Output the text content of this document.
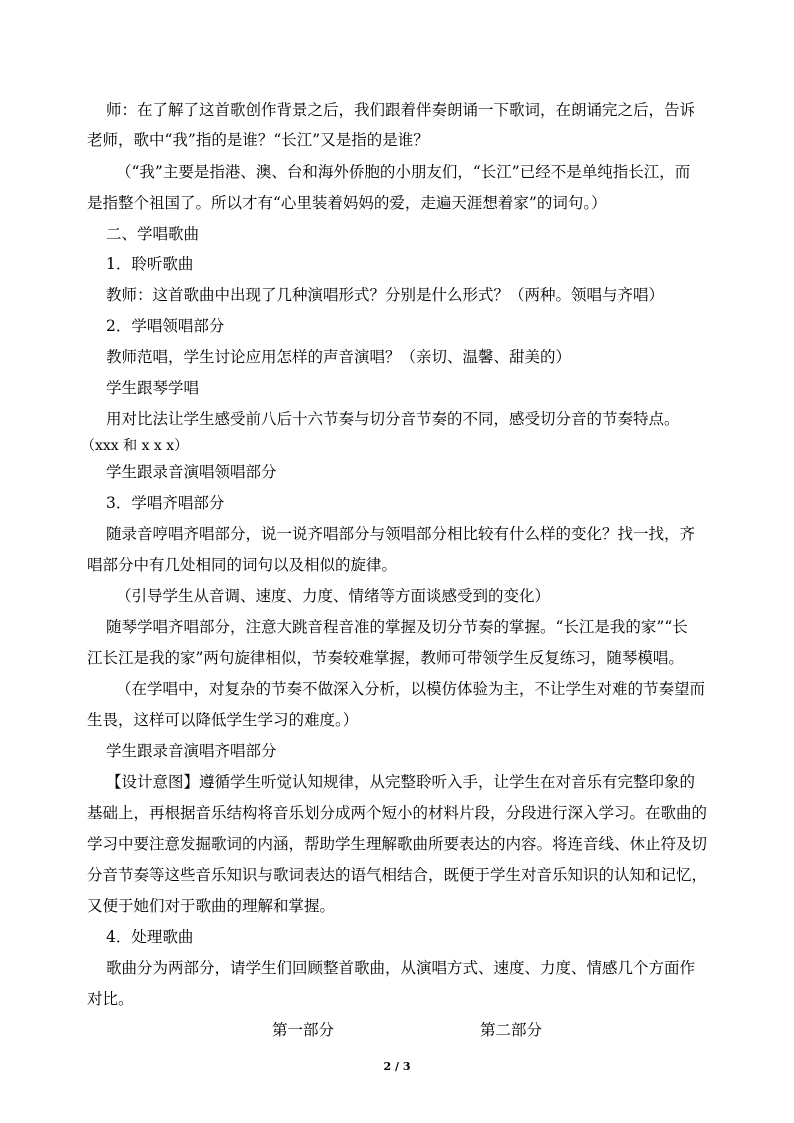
师：在了解了这首歌创作背景之后，我们跟着伴奏朗诵一下歌词，在朗诵完之后，告诉
老师，歌中“我”指的是谁？“长江”又是指的是谁？
（“我”主要是指港、澳、台和海外侨胞的小朋友们，“长江”已经不是单纯指长江，而
是指整个祖国了。所以才有“心里装着妈妈的爱，走遍天涯想着家”的词句。）
二、学唱歌曲
1．聆听歌曲
教师：这首歌曲中出现了几种演唱形式？分别是什么形式？（两种。领唱与齐唱）
2．学唱领唱部分
教师范唱，学生讨论应用怎样的声音演唱？（亲切、温馨、甜美的）
学生跟琴学唱
用对比法让学生感受前八后十六节奏与切分音节奏的不同，感受切分音的节奏特点。
（xxx 和 x x x）
学生跟录音演唱领唱部分
3．学唱齐唱部分
随录音哼唱齐唱部分，说一说齐唱部分与领唱部分相比较有什么样的变化？找一找，齐
唱部分中有几处相同的词句以及相似的旋律。
（引导学生从音调、速度、力度、情绪等方面谈感受到的变化）
随琴学唱齐唱部分，注意大跳音程音准的掌握及切分节奏的掌握。“长江是我的家”“长
江长江是我的家”两句旋律相似，节奏较难掌握，教师可带领学生反复练习，随琴模唱。
（在学唱中，对复杂的节奏不做深入分析，以模仿体验为主，不让学生对难的节奏望而
生畏，这样可以降低学生学习的难度。）
学生跟录音演唱齐唱部分
【设计意图】遵循学生听觉认知规律，从完整聆听入手，让学生在对音乐有完整印象的
基础上，再根据音乐结构将音乐划分成两个短小的材料片段，分段进行深入学习。在歌曲的
学习中要注意发掘歌词的内涵，帮助学生理解歌曲所要表达的内容。将连音线、休止符及切
分音节奏等这些音乐知识与歌词表达的语气相结合，既便于学生对音乐知识的认知和记忆，
又便于她们对于歌曲的理解和掌握。
4．处理歌曲
歌曲分为两部分，请学生们回顾整首歌曲，从演唱方式、速度、力度、情感几个方面作
对比。
第一部分	第二部分
2 / 3
